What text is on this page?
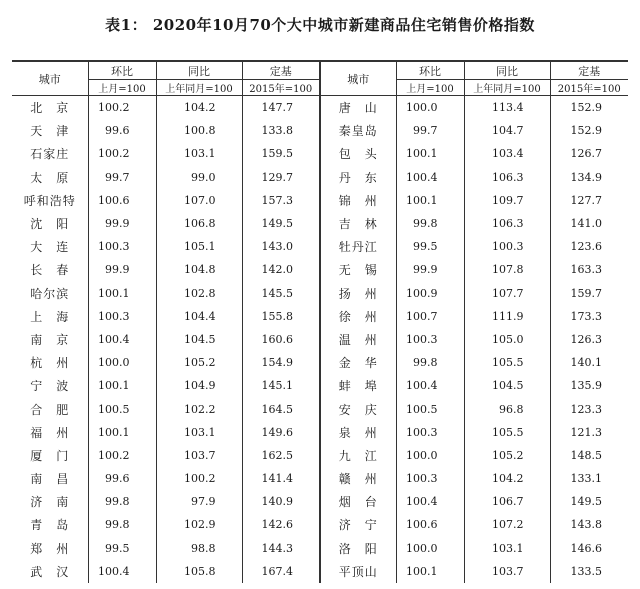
表1： 2020年10月70个大中城市新建商品住宅销售价格指数
城市	环比	同比	定基	城市	环比	同比	定基
	上月=100	上年同月=100	2015年=100		上月=100	上年同月=100	2015年=100
北　京	100.2	104.2	147.7	唐　山	100.0	113.4	152.9
天　津	99.6	100.8	133.8	秦皇岛	99.7	104.7	152.9
石家庄	100.2	103.1	159.5	包　头	100.1	103.4	126.7
太　原	99.7	99.0	129.7	丹　东	100.4	106.3	134.9
呼和浩特	100.6	107.0	157.3	锦　州	100.1	109.7	127.7
沈　阳	99.9	106.8	149.5	吉　林	99.8	106.3	141.0
大　连	100.3	105.1	143.0	牡丹江	99.5	100.3	123.6
长　春	99.9	104.8	142.0	无　锡	99.9	107.8	163.3
哈尔滨	100.1	102.8	145.5	扬　州	100.9	107.7	159.7
上　海	100.3	104.4	155.8	徐　州	100.7	111.9	173.3
南　京	100.4	104.5	160.6	温　州	100.3	105.0	126.3
杭　州	100.0	105.2	154.9	金　华	99.8	105.5	140.1
宁　波	100.1	104.9	145.1	蚌　埠	100.4	104.5	135.9
合　肥	100.5	102.2	164.5	安　庆	100.5	96.8	123.3
福　州	100.1	103.1	149.6	泉　州	100.3	105.5	121.3
厦　门	100.2	103.7	162.5	九　江	100.0	105.2	148.5
南　昌	99.6	100.2	141.4	赣　州	100.3	104.2	133.1
济　南	99.8	97.9	140.9	烟　台	100.4	106.7	149.5
青　岛	99.8	102.9	142.6	济　宁	100.6	107.2	143.8
郑　州	99.5	98.8	144.3	洛　阳	100.0	103.1	146.6
武　汉	100.4	105.8	167.4	平顶山	100.1	103.7	133.5
